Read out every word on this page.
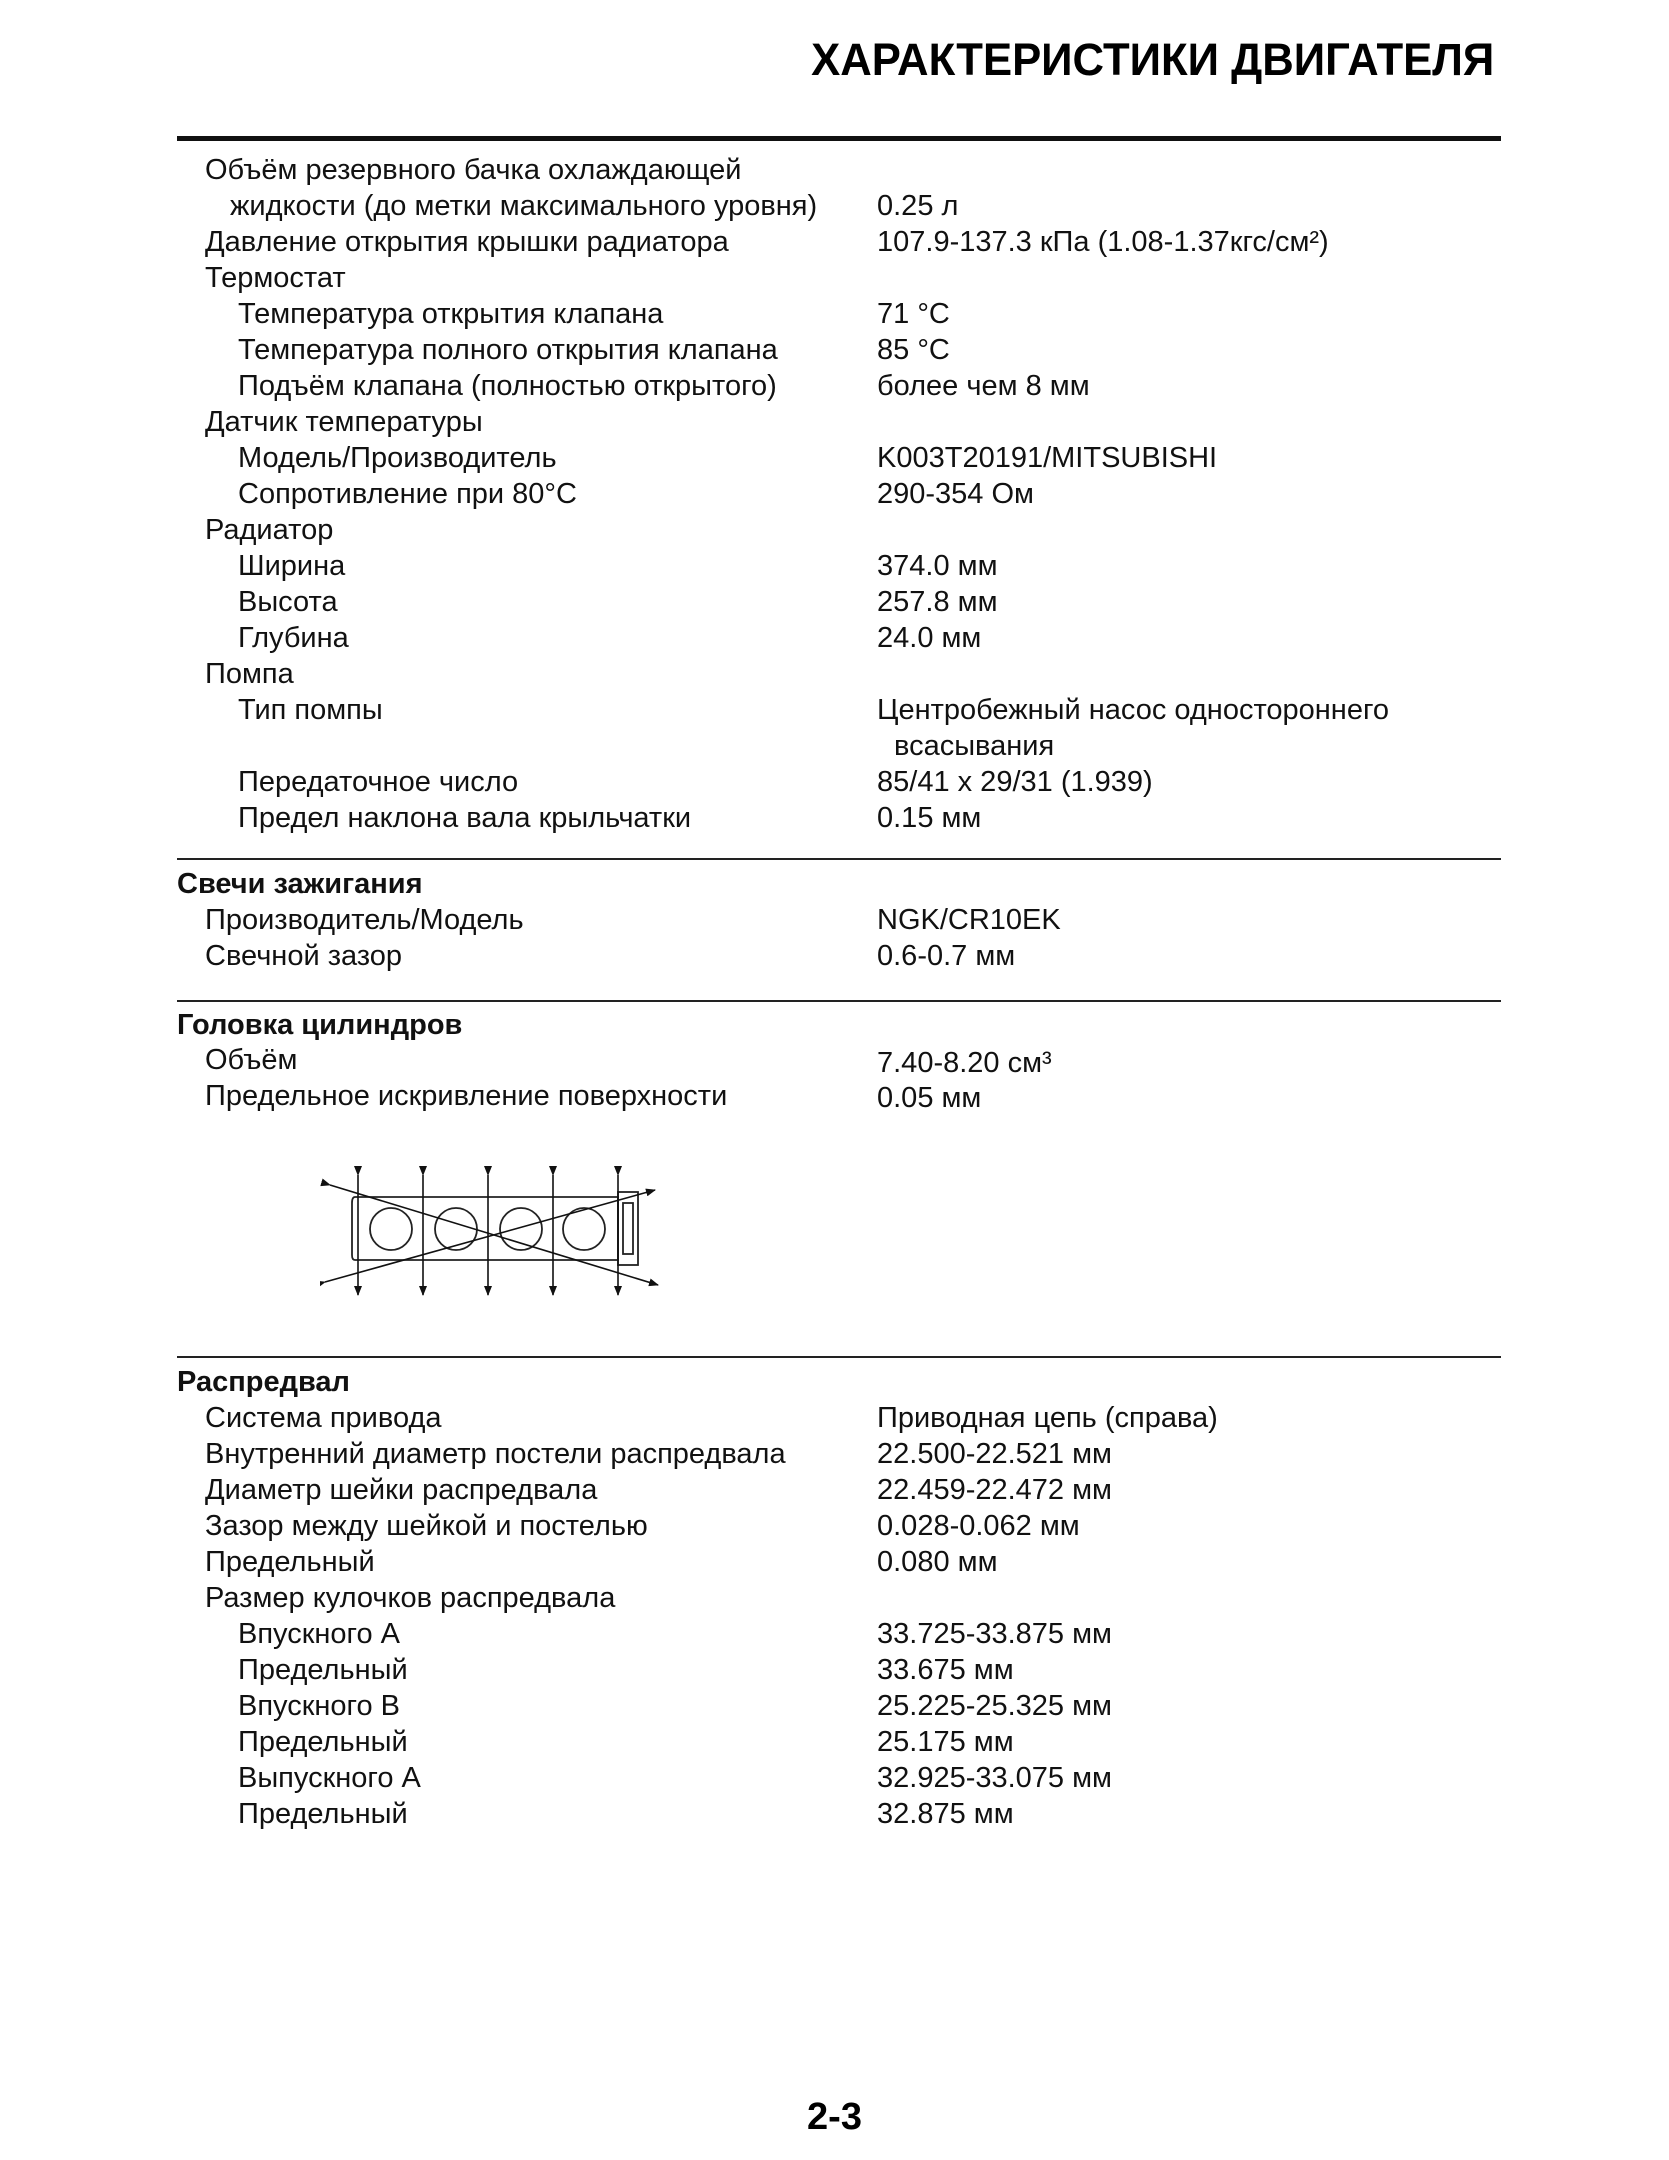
ХАРАКТЕРИСТИКИ ДВИГАТЕЛЯ
Объём резервного бачка охлаждающей
жидкости (до метки максимального уровня) 0.25 л
Давление открытия крышки радиатора	107.9-137.3 кПа (1.08-1.37кгс/см²)
Термостат
Температура открытия клапана	71 °C
Температура полного открытия клапана	85 °C
Подъём клапана (полностью открытого)	более чем 8 мм
Датчик температуры
Модель/Производитель	K003T20191/MITSUBISHI
Сопротивление при 80°C	290-354 Ом
Радиатор
Ширина	374.0 мм
Высота	257.8 мм
Глубина	24.0 мм
Помпа
Тип помпы	Центробежный насос одностороннего
всасывания
Передаточное число	85/41 x 29/31 (1.939)
Предел наклона вала крыльчатки	0.15 мм
Свечи зажигания
Производитель/Модель	NGK/CR10EK
Свечной зазор	0.6-0.7 мм
Головка цилиндров
Объём	7.40-8.20 см³
Предельное искривление поверхности	0.05 мм
Распредвал
Система привода	Приводная цепь (справа)
Внутренний диаметр постели распредвала	22.500-22.521 мм
Диаметр шейки распредвала	22.459-22.472 мм
Зазор между шейкой и постелью	0.028-0.062 мм
Предельный	0.080 мм
Размер кулочков распредвала
Впускного A	33.725-33.875 мм
Предельный	33.675 мм
Впускного B	25.225-25.325 мм
Предельный	25.175 мм
Выпускного A	32.925-33.075 мм
Предельный	32.875 мм
2-3
